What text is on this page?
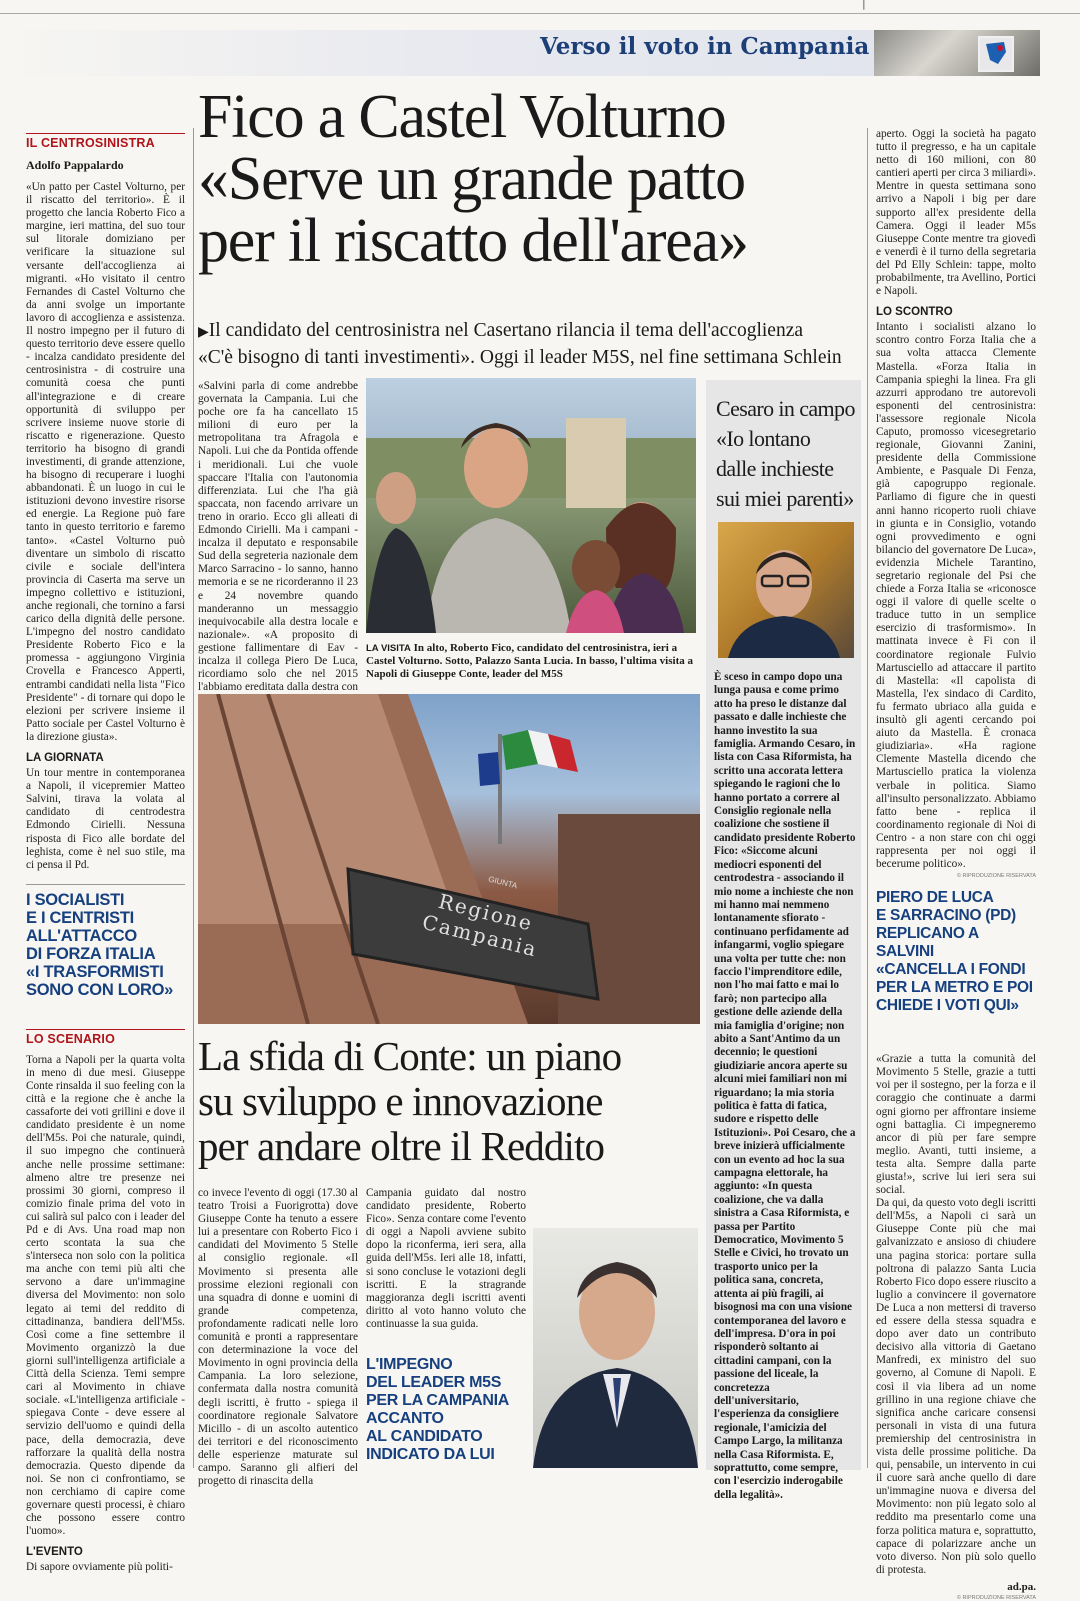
|
Verso il voto in Campania
IL CENTROSINISTRA
Adolfo Pappalardo
«Un patto per Castel Volturno, per il riscatto del territorio». È il progetto che lancia Roberto Fico a margine, ieri mattina, del suo tour sul litorale domiziano per verificare la situazione sul versante dell'accoglienza ai migranti. «Ho visitato il centro Fernandes di Castel Volturno che da anni svolge un importante lavoro di accoglienza e assistenza. Il nostro impegno per il futuro di questo territorio deve essere quello - incalza candidato presidente del centrosinistra - di costruire una comunità coesa che punti all'integrazione e di creare opportunità di sviluppo per scrivere insieme nuove storie di riscatto e rigenerazione. Questo territorio ha bisogno di grandi investimenti, di grande attenzione, ha bisogno di recuperare i luoghi abbandonati. È un luogo in cui le istituzioni devono investire risorse ed energie. La Regione può fare tanto in questo territorio e faremo tanto». «Castel Volturno può diventare un simbolo di riscatto civile e sociale dell'intera provincia di Caserta ma serve un impegno collettivo e istituzioni, anche regionali, che tornino a farsi carico della dignità delle persone. L'impegno del nostro candidato Presidente Roberto Fico e la promessa - aggiungono Virginia Crovella e Francesco Apperti, entrambi candidati nella lista "Fico Presidente" - di tornare qui dopo le elezioni per scrivere insieme il Patto sociale per Castel Volturno è la direzione giusta».
LA GIORNATA
Un tour mentre in contemporanea a Napoli, il vicepremier Matteo Salvini, tirava la volata al candidato di centrodestra Edmondo Cirielli. Nessuna risposta di Fico alle bordate del leghista, come è nel suo stile, ma ci pensa il Pd.
I SOCIALISTI
E I CENTRISTI
ALL'ATTACCO
DI FORZA ITALIA
«I TRASFORMISTI
SONO CON LORO»
LO SCENARIO
Torna a Napoli per la quarta volta in meno di due mesi. Giuseppe Conte rinsalda il suo feeling con la città e la regione che è anche la cassaforte dei voti grillini e dove il candidato presidente è un nome dell'M5s. Poi che naturale, quindi, il suo impegno che continuerà anche nelle prossime settimane: almeno altre tre presenze nei prossimi 30 giorni, compreso il comizio finale prima del voto in cui salirà sul palco con i leader del Pd e di Avs. Una road map non certo scontata la sua che s'interseca non solo con la politica ma anche con temi più alti che servono a dare un'immagine diversa del Movimento: non solo legato ai temi del reddito di cittadinanza, bandiera dell'M5s. Così come a fine settembre il Movimento organizzò la due giorni sull'intelligenza artificiale a Città della Scienza. Temi sempre cari al Movimento in chiave sociale. «L'intelligenza artificiale - spiegava Conte - deve essere al servizio dell'uomo e quindi della pace, della democrazia, deve rafforzare la qualità della nostra democrazia. Questo dipende da noi. Se non ci confrontiamo, se non cerchiamo di capire come governare questi processi, è chiaro che possono essere contro l'uomo».
L'EVENTO
Di sapore ovviamente più politi-
Fico a Castel Volturno
«Serve un grande patto
per il riscatto dell'area»
▶Il candidato del centrosinistra nel Casertano rilancia il tema dell'accoglienza
«C'è bisogno di tanti investimenti». Oggi il leader M5S, nel fine settimana Schlein
«Salvini parla di come andrebbe governata la Campania. Lui che poche ore fa ha cancellato 15 milioni di euro per la metropolitana tra Afragola e Napoli. Lui che da Pontida offende i meridionali. Lui che vuole spaccare l'Italia con l'autonomia differenziata. Lui che l'ha già spaccata, non facendo arrivare un treno in orario. Ecco gli alleati di Edmondo Cirielli. Ma i campani - incalza il deputato e responsabile Sud della segreteria nazionale dem Marco Sarracino - lo sanno, hanno memoria e se ne ricorderanno il 23 e 24 novembre quando manderanno un messaggio inequivocabile alla destra locale e nazionale». «A proposito di gestione fallimentare di Eav - incalza il collega Piero De Luca, ricordiamo solo che nel 2015 l'abbiamo ereditata dalla destra con
LA VISITA In alto, Roberto Fico, candidato del centrosinistra, ieri a Castel Volturno. Sotto, Palazzo Santa Lucia. In basso, l'ultima visita a Napoli di Giuseppe Conte, leader del M5S
Cesaro in campo
«Io lontano
dalle inchieste
sui miei parenti»
È sceso in campo dopo una lunga pausa e come primo atto ha preso le distanze dal passato e dalle inchieste che hanno investito la sua famiglia. Armando Cesaro, in lista con Casa Riformista, ha scritto una accorata lettera spiegando le ragioni che lo hanno portato a correre al Consiglio regionale nella coalizione che sostiene il candidato presidente Roberto Fico: «Siccome alcuni mediocri esponenti del centrodestra - associando il mio nome a inchieste che non mi hanno mai nemmeno lontanamente sfiorato - continuano perfidamente ad infangarmi, voglio spiegare una volta per tutte che: non faccio l'imprenditore edile, non l'ho mai fatto e mai lo farò; non partecipo alla gestione delle aziende della mia famiglia d'origine; non abito a Sant'Antimo da un decennio; le questioni giudiziarie ancora aperte su alcuni miei familiari non mi riguardano; la mia storia politica è fatta di fatica, sudore e rispetto delle Istituzioni». Poi Cesaro, che a breve inizierà ufficialmente con un evento ad hoc la sua campagna elettorale, ha aggiunto: «In questa coalizione, che va dalla sinistra a Casa Riformista, e passa per Partito Democratico, Movimento 5 Stelle e Civici, ho trovato un trasporto unico per la politica sana, concreta, attenta ai più fragili, ai bisognosi ma con una visione contemporanea del lavoro e dell'impresa. D'ora in poi risponderò soltanto ai cittadini campani, con la passione del liceale, la concretezza dell'universitario, l'esperienza da consigliere regionale, l'amicizia del Campo Largo, la militanza nella Casa Riformista. E, soprattutto, come sempre, con l'esercizio inderogabile della legalità».
Regione
Campania
GIUNTA
La sfida di Conte: un piano
su sviluppo e innovazione
per andare oltre il Reddito
co invece l'evento di oggi (17.30 al teatro Troisi a Fuorigrotta) dove Giuseppe Conte ha tenuto a essere lui a presentare con Roberto Fico i candidati del Movimento 5 Stelle al consiglio regionale. «Il Movimento si presenta alle prossime elezioni regionali con una squadra di donne e uomini di grande competenza, profondamente radicati nelle loro comunità e pronti a rappresentare con determinazione la voce del Movimento in ogni provincia della Campania. La loro selezione, confermata dalla nostra comunità degli iscritti, è frutto - spiega il coordinatore regionale Salvatore Micillo - di un ascolto autentico dei territori e del riconoscimento delle esperienze maturate sul campo. Saranno gli alfieri del progetto di rinascita della
Campania guidato dal nostro candidato presidente, Roberto Fico». Senza contare come l'evento di oggi a Napoli avviene subito dopo la riconferma, ieri sera, alla guida dell'M5s. Ieri alle 18, infatti, si sono concluse le votazioni degli iscritti. E la stragrande maggioranza degli iscritti aventi diritto al voto hanno voluto che continuasse la sua guida.
L'IMPEGNO
DEL LEADER M5S
PER LA CAMPANIA
ACCANTO
AL CANDIDATO
INDICATO DA LUI
aperto. Oggi la società ha pagato tutto il pregresso, e ha un capitale netto di 160 milioni, con 80 cantieri aperti per circa 3 miliardi».
Mentre in questa settimana sono arrivo a Napoli i big per dare supporto all'ex presidente della Camera. Oggi il leader M5s Giuseppe Conte mentre tra giovedì e venerdì è il turno della segretaria del Pd Elly Schlein: tappe, molto probabilmente, tra Avellino, Portici e Napoli.
LO SCONTRO
Intanto i socialisti alzano lo scontro contro Forza Italia che a sua volta attacca Clemente Mastella. «Forza Italia in Campania spieghi la linea. Fra gli azzurri approdano tre autorevoli esponenti del centrosinistra: l'assessore regionale Nicola Caputo, promosso vicesegretario regionale, Giovanni Zanini, presidente della Commissione Ambiente, e Pasquale Di Fenza, già capogruppo regionale. Parliamo di figure che in questi anni hanno ricoperto ruoli chiave in giunta e in Consiglio, votando ogni provvedimento e ogni bilancio del governatore De Luca», evidenzia Michele Tarantino, segretario regionale del Psi che chiede a Forza Italia se «riconosce oggi il valore di quelle scelte o traduce tutto in un semplice esercizio di trasformismo». In mattinata invece è Fi con il coordinatore regionale Fulvio Martusciello ad attaccare il partito di Mastella: «Il capolista di Mastella, l'ex sindaco di Cardito, fu fermato ubriaco alla guida e insultò gli agenti cercando poi aiuto da Mastella. È cronaca giudiziaria». «Ha ragione Clemente Mastella dicendo che Martusciello pratica la violenza verbale in politica. Siamo all'insulto personalizzato. Abbiamo fatto bene - replica il coordinamento regionale di Noi di Centro - a non stare con chi oggi rappresenta per noi oggi il becerume politico».
© RIPRODUZIONE RISERVATA
PIERO DE LUCA
E SARRACINO (PD)
REPLICANO A SALVINI
«CANCELLA I FONDI
PER LA METRO E POI
CHIEDE I VOTI QUI»
«Grazie a tutta la comunità del Movimento 5 Stelle, grazie a tutti voi per il sostegno, per la forza e il coraggio che continuate a darmi ogni giorno per affrontare insieme ogni battaglia. Ci impegneremo ancor di più per fare sempre meglio. Avanti, tutti insieme, a testa alta. Sempre dalla parte giusta!», scrive lui ieri sera sui social.
Da qui, da questo voto degli iscritti dell'M5s, a Napoli ci sarà un Giuseppe Conte più che mai galvanizzato e ansioso di chiudere una pagina storica: portare sulla poltrona di palazzo Santa Lucia Roberto Fico dopo essere riuscito a luglio a convincere il governatore De Luca a non mettersi di traverso ed essere della stessa squadra e dopo aver dato un contributo decisivo alla vittoria di Gaetano Manfredi, ex ministro del suo governo, al Comune di Napoli. E così il via libera ad un nome grillino in una regione chiave che significa anche caricare consensi personali in vista di una futura premiership del centrosinistra in vista delle prossime politiche. Da qui, pensabile, un intervento in cui il cuore sarà anche quello di dare un'immagine nuova e diversa del Movimento: non più legato solo al reddito ma presentarlo come una forza politica matura e, soprattutto, capace di polarizzare anche un voto diverso. Non più solo quello di protesta.
ad.pa.
© RIPRODUZIONE RISERVATA
